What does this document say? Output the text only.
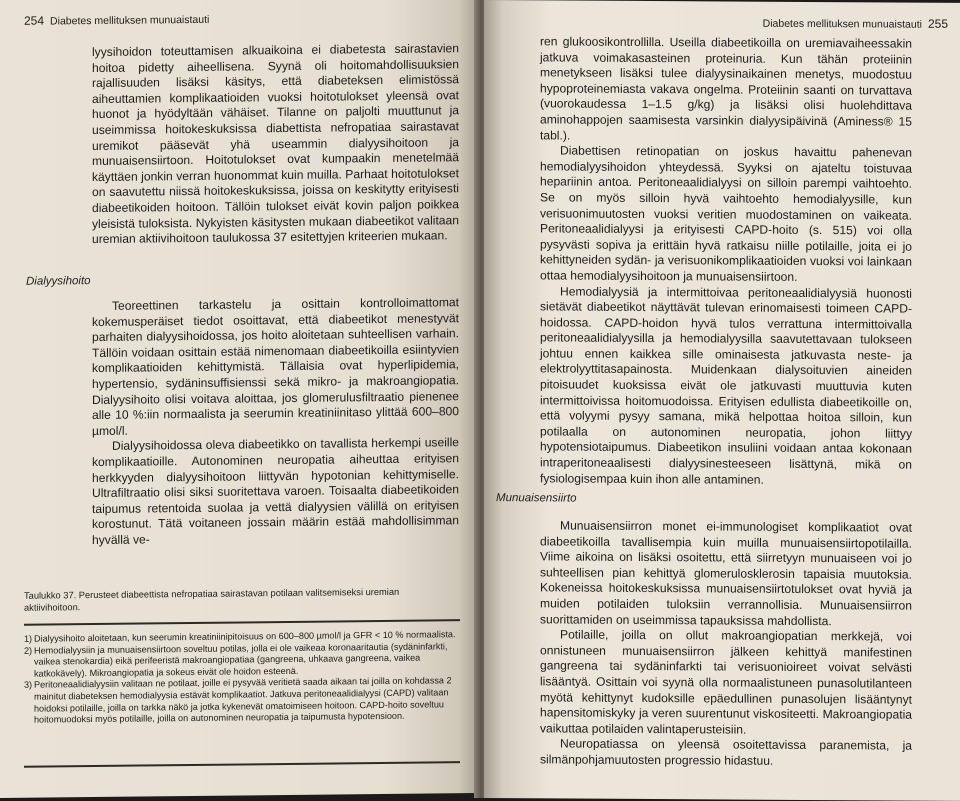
254 Diabetes mellituksen munuaistauti

lyysihoidon toteuttamisen alkuaikoina ei diabetesta sairastavien hoitoa pidetty aiheellisena. Syynä oli hoitomahdollisuuksien rajallisuuden lisäksi käsitys, että diabeteksen elimistössä aiheuttamien komplikaatioiden vuoksi hoitotulokset yleensä ovat huonot ja hyödyltään vähäiset. Tilanne on paljolti muuttunut ja useimmissa hoitokeskuksissa diabettista nefropatiaa sairastavat uremikot pääsevät yhä useammin dialyysihoitoon ja munuaisensiirtoon. Hoitotulokset ovat kumpaakin menetelmää käyttäen jonkin verran huonommat kuin muilla. Parhaat hoitotulokset on saavutettu niissä hoitokeskuksissa, joissa on keskitytty erityisesti diabeetikoiden hoitoon. Tällöin tulokset eivät kovin paljon poikkea yleisistä tuloksista. Nykyisten käsitysten mukaan diabeetikot valitaan uremian aktiivihoitoon taulukossa 37 esitettyjen kriteerien mukaan.

Dialyysihoito

Teoreettinen tarkastelu ja osittain kontrolloimattomat kokemusperäiset tiedot osoittavat, että diabeetikot menestyvät parhaiten dialyysihoidossa, jos hoito aloitetaan suhteellisen varhain. Tällöin voidaan osittain estää nimenomaan diabeetikoilla esiintyvien komplikaatioiden kehittymistä. Tällaisia ovat hyperlipidemia, hypertensio, sydäninsuffisienssi sekä mikro- ja makroangiopatia. Dialyysihoito olisi voitava aloittaa, jos glomerulusfiltraatio pienenee alle 10 %:iin normaalista ja seerumin kreatiniinitaso ylittää 600–800 µmol/l.

Dialyysihoidossa oleva diabeetikko on tavallista herkempi useille komplikaatioille. Autonominen neuropatia aiheuttaa erityisen herkkyyden dialyysihoitoon liittyvän hypotonian kehittymiselle. Ultrafiltraatio olisi siksi suoritettava varoen. Toisaalta diabeetikoiden taipumus retentoida suolaa ja vettä dialyysien välillä on erityisen korostunut. Tätä voitaneen jossain määrin estää mahdollisimman hyvällä ve-

Taulukko 37. Perusteet diabeettista nefropatiaa sairastavan potilaan valitsemiseksi uremian aktiivihoitoon.
1) Dialyysihoito aloitetaan, kun seerumin kreatiniinipitoisuus on 600–800 µmol/l ja GFR < 10 % normaalista.
2) Hemodialyysiin ja munuaisensiirtoon soveltuu potilas, jolla ei ole vaikeaa koronaaritautia (sydäninfarkti, vaikea stenokardia) eikä perifeeristä makroangiopatiaa (gangreena, uhkaava gangreena, vaikea katkokävely). Mikroangiopatia ja sokeus eivät ole hoidon esteenä.
3) Peritoneaalidialyysiin valitaan ne potilaat, joille ei pysyvää veritietä saada aikaan tai joilla on kohdassa 2 mainitut diabeteksen hemodialyysia estävät komplikaatiot. Jatkuva peritoneaalidialyysi (CAPD) valitaan hoidoksi potilaille, joilla on tarkka näkö ja jotka kykenevät omatoimiseen hoitoon. CAPD-hoito soveltuu hoitomuodoksi myös potilaille, joilla on autonominen neuropatia ja taipumusta hypotensioon.
Diabetes mellituksen munuaistauti 255

ren glukoosikontrollilla. Useilla diabeetikoilla on uremiavaiheessakin jatkuva voimakasasteinen proteinuria. Kun tähän proteiinin menetykseen lisäksi tulee dialyysinaikainen menetys, muodostuu hypoproteinemiasta vakava ongelma. Proteiinin saanti on turvattava (vuorokaudessa 1–1.5 g/kg) ja lisäksi olisi huolehdittava aminohappojen saamisesta varsinkin dialyysipäivinä (Aminess® 15 tabl.).

Diabettisen retinopatian on joskus havaittu pahenevan hemodialyysihoidon yhteydessä. Syyksi on ajateltu toistuvaa hepariinin antoa. Peritoneaalidialyysi on silloin parempi vaihtoehto. Se on myös silloin hyvä vaihtoehto hemodialyysille, kun verisuonimuutosten vuoksi veritien muodostaminen on vaikeata. Peritoneaalidialyysi ja erityisesti CAPD-hoito (s. 515) voi olla pysyvästi sopiva ja erittäin hyvä ratkaisu niille potilaille, joita ei jo kehittyneiden sydän- ja verisuonikomplikaatioiden vuoksi voi lainkaan ottaa hemodialyysihoitoon ja munuaisensiirtoon.

Hemodialyysiä ja intermittoivaa peritoneaalidialyysiä huonosti sietävät diabeetikot näyttävät tulevan erinomaisesti toimeen CAPD-hoidossa. CAPD-hoidon hyvä tulos verrattuna intermittoivalla peritoneaalidialyysilla ja hemodialyysilla saavutettavaan tulokseen johtuu ennen kaikkea sille ominaisesta jatkuvasta neste- ja elektrolyyttitasapainosta. Muidenkaan dialysoituvien aineiden pitoisuudet kuoksissa eivät ole jatkuvasti muuttuvia kuten intermittoivissa hoitomuodoissa. Erityisen edullista diabeetikoille on, että volyymi pysyy samana, mikä helpottaa hoitoa silloin, kun potilaalla on autonominen neuropatia, johon liittyy hypotensiotaipumus. Diabeetikon insuliini voidaan antaa kokonaan intraperitoneaalisesti dialyysinesteeseen lisättynä, mikä on fysiologisempaa kuin ihon alle antaminen.

Munuaisensiirto

Munuaisensiirron monet ei-immunologiset komplikaatiot ovat diabeetikoilla tavallisempia kuin muilla munuaisensiirtopotilailla. Viime aikoina on lisäksi osoitettu, että siirretyyn munuaiseen voi jo suhteellisen pian kehittyä glomerulosklerosin tapaisia muutoksia. Kokeneissa hoitokeskuksissa munuaisensiirtotulokset ovat hyviä ja muiden potilaiden tuloksiin verrannollisia. Munuaisensiirron suorittamiden on useimmissa tapauksissa mahdollista.

Potilaille, joilla on ollut makroangiopatian merkkejä, voi onnistuneen munuaisensiirron jälkeen kehittyä manifestinen gangreena tai sydäninfarkti tai verisuonioireet voivat selvästi lisääntyä. Osittain voi syynä olla normaalistuneen punasolutilanteen myötä kehittynyt kudoksille epäedullinen punasolujen lisääntynyt hapensitomiskyky ja veren suurentunut viskositeetti. Makroangiopatia vaikuttaa potilaiden valintaperusteisiin.

Neuropatiassa on yleensä osoitettavissa paranemista, ja silmänpohjamuutosten progressio hidastuu.
